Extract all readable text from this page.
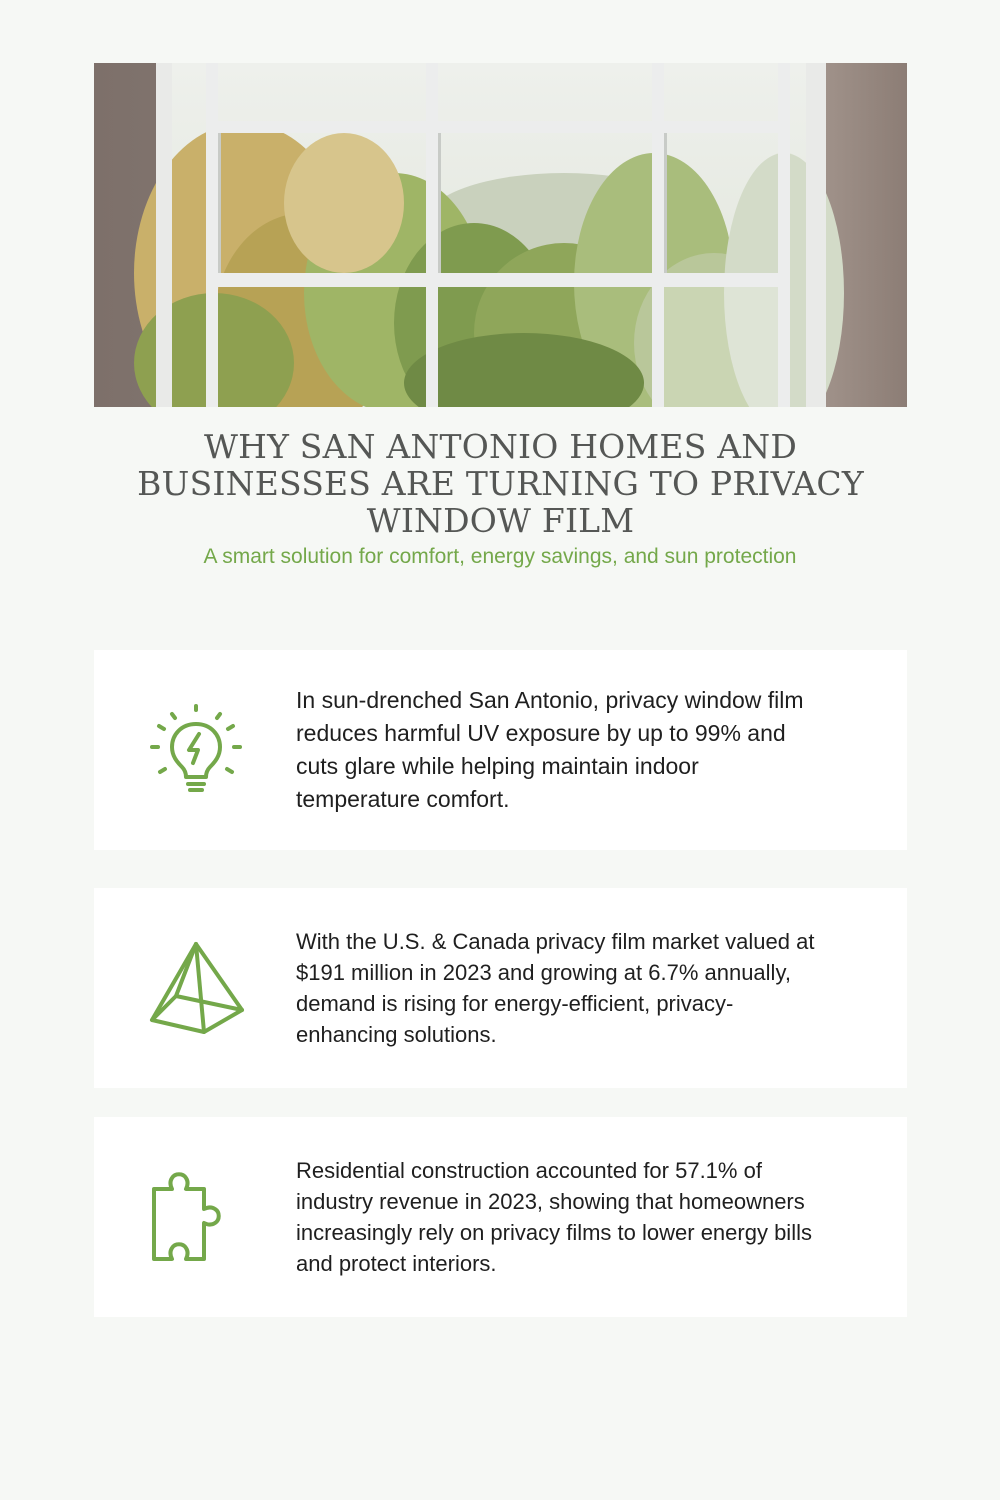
WHY SAN ANTONIO HOMES AND BUSINESSES ARE TURNING TO PRIVACY WINDOW FILM

A smart solution for comfort, energy savings, and sun protection

In sun-drenched San Antonio, privacy window film reduces harmful UV exposure by up to 99% and cuts glare while helping maintain indoor temperature comfort.

With the U.S. & Canada privacy film market valued at $191 million in 2023 and growing at 6.7% annually, demand is rising for energy-efficient, privacy-enhancing solutions.

Residential construction accounted for 57.1% of industry revenue in 2023, showing that homeowners increasingly rely on privacy films to lower energy bills and protect interiors.
